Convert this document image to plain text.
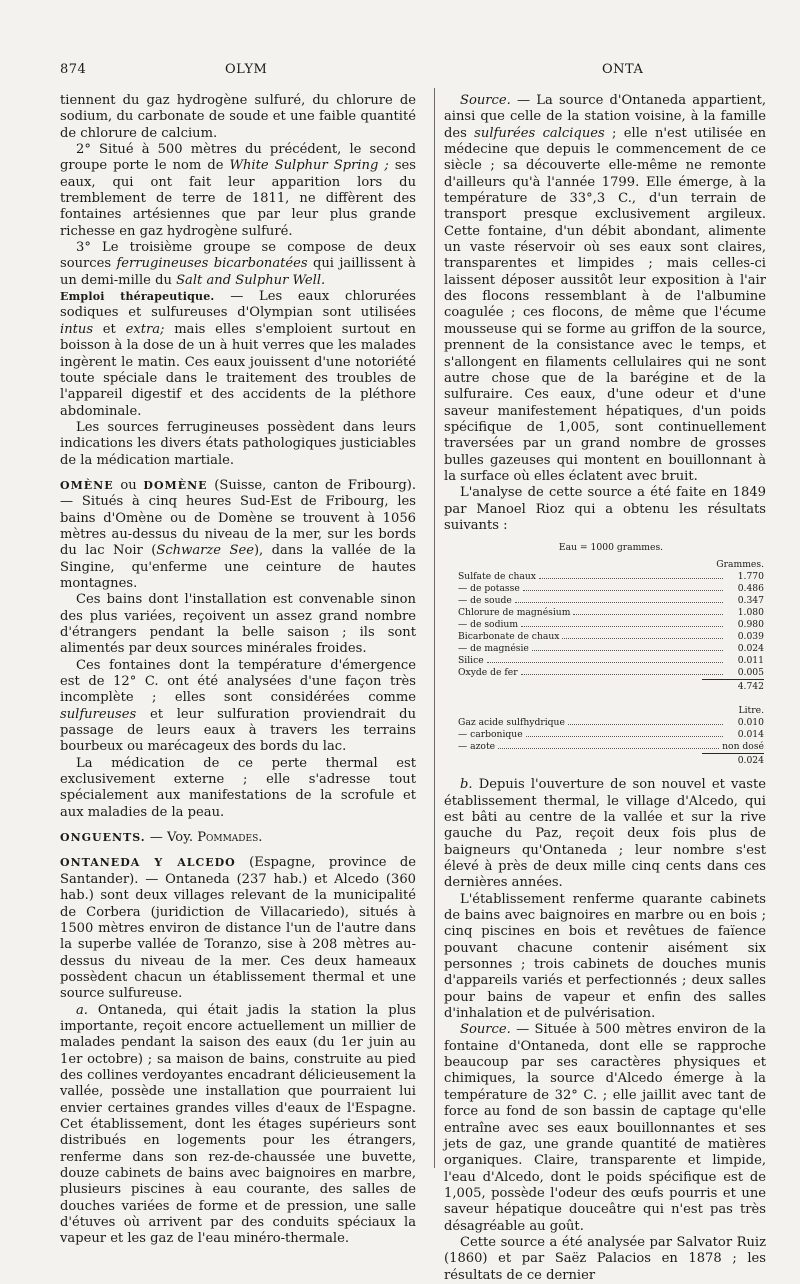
874	OLYM	ONTA

tiennent du gaz hydrogène sulfuré, du chlorure de sodium, du carbonate de soude et une faible quantité de chlorure de calcium.

2° Situé à 500 mètres du précédent, le second groupe porte le nom de White Sulphur Spring ; ses eaux, qui ont fait leur apparition lors du tremblement de terre de 1811, ne diffèrent des fontaines artésiennes que par leur plus grande richesse en gaz hydrogène sulfuré.

3° Le troisième groupe se compose de deux sources ferrugineuses bicarbonatées qui jaillissent à un demi-mille du Salt and Sulphur Well.

Emploi thérapeutique. — Les eaux chlorurées sodiques et sulfureuses d'Olympian sont utilisées intus et extra; mais elles s'emploient surtout en boisson à la dose de un à huit verres que les malades ingèrent le matin. Ces eaux jouissent d'une notoriété toute spéciale dans le traitement des troubles de l'appareil digestif et des accidents de la pléthore abdominale.

Les sources ferrugineuses possèdent dans leurs indications les divers états pathologiques justiciables de la médication martiale.

OMÈNE ou DOMÈNE (Suisse, canton de Fribourg). — Situés à cinq heures Sud-Est de Fribourg, les bains d'Omène ou de Domène se trouvent à 1056 mètres au-dessus du niveau de la mer, sur les bords du lac Noir (Schwarze See), dans la vallée de la Singine, qu'enferme une ceinture de hautes montagnes.

Ces bains dont l'installation est convenable sinon des plus variées, reçoivent un assez grand nombre d'étrangers pendant la belle saison ; ils sont alimentés par deux sources minérales froides.

Ces fontaines dont la température d'émergence est de 12° C. ont été analysées d'une façon très incomplète ; elles sont considérées comme sulfureuses et leur sulfuration proviendrait du passage de leurs eaux à travers les terrains bourbeux ou marécageux des bords du lac.

La médication de ce perte thermal est exclusivement externe ; elle s'adresse tout spécialement aux manifestations de la scrofule et aux maladies de la peau.

ONGUENTS. — Voy. Pommades.

ONTANEDA Y ALCEDO (Espagne, province de Santander). — Ontaneda (237 hab.) et Alcedo (360 hab.) sont deux villages relevant de la municipalité de Corbera (juridiction de Villacariedo), situés à 1500 mètres environ de distance l'un de l'autre dans la superbe vallée de Toranzo, sise à 208 mètres au-dessus du niveau de la mer. Ces deux hameaux possèdent chacun un établissement thermal et une source sulfureuse.

a. Ontaneda, qui était jadis la station la plus importante, reçoit encore actuellement un millier de malades pendant la saison des eaux (du 1er juin au 1er octobre) ; sa maison de bains, construite au pied des collines verdoyantes encadrant délicieusement la vallée, possède une installation que pourraient lui envier certaines grandes villes d'eaux de l'Espagne. Cet établissement, dont les étages supérieurs sont distribués en logements pour les étrangers, renferme dans son rez-de-chaussée une buvette, douze cabinets de bains avec baignoires en marbre, plusieurs piscines à eau courante, des salles de douches variées de forme et de pression, une salle d'étuves où arrivent par des conduits spéciaux la vapeur et les gaz de l'eau minéro-thermale.

Source. — La source d'Ontaneda appartient, ainsi que celle de la station voisine, à la famille des sulfurées calciques ; elle n'est utilisée en médecine que depuis le commencement de ce siècle ; sa découverte elle-même ne remonte d'ailleurs qu'à l'année 1799. Elle émerge, à la température de 33°,3 C., d'un terrain de transport presque exclusivement argileux. Cette fontaine, d'un débit abondant, alimente un vaste réservoir où ses eaux sont claires, transparentes et limpides ; mais celles-ci laissent déposer aussitôt leur exposition à l'air des flocons ressemblant à de l'albumine coagulée ; ces flocons, de même que l'écume mousseuse qui se forme au griffon de la source, prennent de la consistance avec le temps, et s'allongent en filaments cellulaires qui ne sont autre chose que de la barégine et de la sulfuraire. Ces eaux, d'une odeur et d'une saveur manifestement hépatiques, d'un poids spécifique de 1,005, sont continuellement traversées par un grand nombre de grosses bulles gazeuses qui montent en bouillonnant à la surface où elles éclatent avec bruit.

L'analyse de cette source a été faite en 1849 par Manoel Rioz qui a obtenu les résultats suivants :

Eau = 1000 grammes.
Grammes.
Sulfate de chaux	1.770
— de potasse	0.486
— de soude	0.347
Chlorure de magnésium	1.080
— de sodium	0.980
Bicarbonate de chaux	0.039
— de magnésie	0.024
Silice	0.011
Oxyde de fer	0.005
4.742
Litre.
Gaz acide sulfhydrique	0.010
— carbonique	0.014
— azote	non dosé
0.024

b. Depuis l'ouverture de son nouvel et vaste établissement thermal, le village d'Alcedo, qui est bâti au centre de la vallée et sur la rive gauche du Paz, reçoit deux fois plus de baigneurs qu'Ontaneda ; leur nombre s'est élevé à près de deux mille cinq cents dans ces dernières années.

L'établissement renferme quarante cabinets de bains avec baignoires en marbre ou en bois ; cinq piscines en bois et revêtues de faïence pouvant chacune contenir aisément six personnes ; trois cabinets de douches munis d'appareils variés et perfectionnés ; deux salles pour bains de vapeur et enfin des salles d'inhalation et de pulvérisation.

Source. — Située à 500 mètres environ de la fontaine d'Ontaneda, dont elle se rapproche beaucoup par ses caractères physiques et chimiques, la source d'Alcedo émerge à la température de 32° C. ; elle jaillit avec tant de force au fond de son bassin de captage qu'elle entraîne avec ses eaux bouillonnantes et ses jets de gaz, une grande quantité de matières organiques. Claire, transparente et limpide, l'eau d'Alcedo, dont le poids spécifique est de 1,005, possède l'odeur des œufs pourris et une saveur hépatique douceâtre qui n'est pas très désagréable au goût.

Cette source a été analysée par Salvator Ruiz (1860) et par Saëz Palacios en 1878 ; les résultats de ce dernier
